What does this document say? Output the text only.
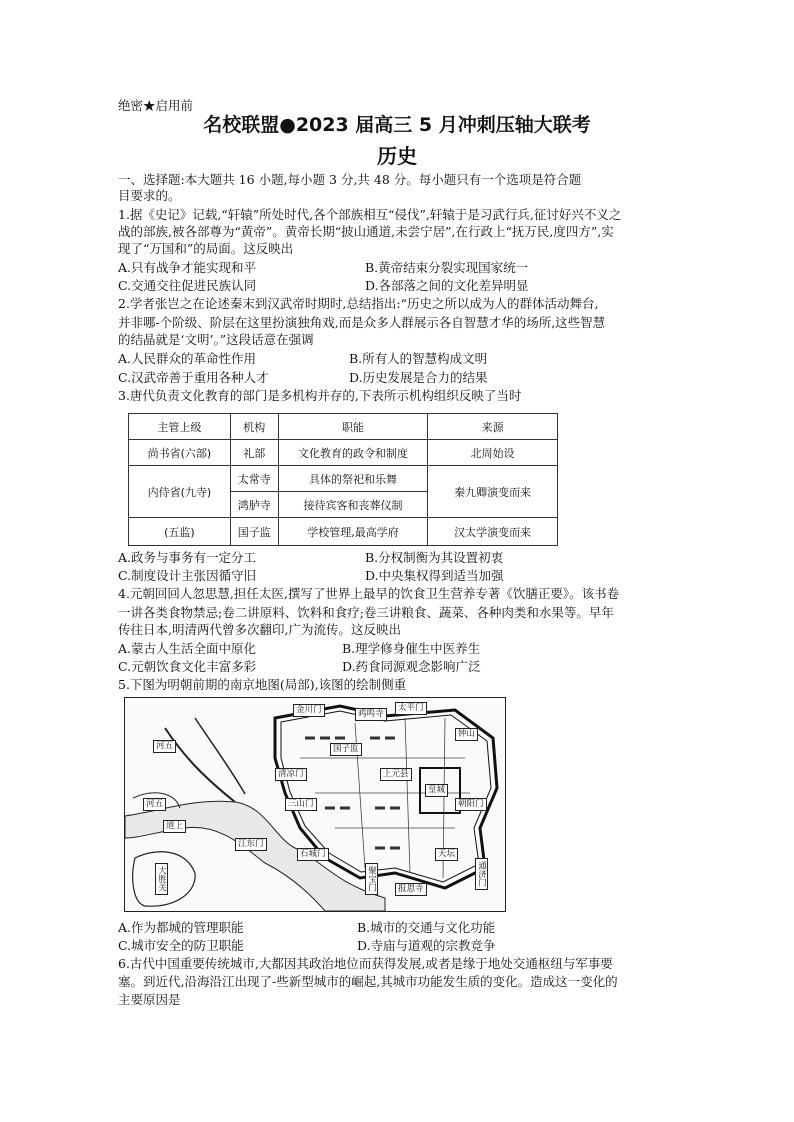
绝密★启用前
名校联盟●2023 届高三 5 月冲刺压轴大联考
历史
一、选择题:本大题共 16 小题,每小题 3 分,共 48 分。每小题只有一个选项是符合题
目要求的。
1.据《史记》记载,“轩辕”所处时代,各个部族相互“侵伐”,轩辕于是习武行兵,征讨好兴不义之
战的部族,被各部尊为“黄帝”。黄帝长期“披山通道,未尝宁居”,在行政上“抚万民,度四方”,实
现了“万国和”的局面。这反映出
A.只有战争才能实现和平	B.黄帝结束分裂实现国家统一
C.交通交往促进民族认同	D.各部落之间的文化差异明显
2.学者张岂之在论述秦末到汉武帝时期时,总结指出:“历史之所以成为人的群体活动舞台,
并非哪-个阶级、阶层在这里扮演独角戏,而是众多人群展示各自智慧才华的场所,这些智慧
的结晶就是‘文明’。”这段话意在强调
A.人民群众的革命性作用	B.所有人的智慧构成文明
C.汉武帝善于重用各种人才	D.历史发展是合力的结果
3.唐代负责文化教育的部门是多机构并存的,下表所示机构组织反映了当时
主管上级	机构	职能	来源
尚书省(六部)	礼部	文化教育的政令和制度	北周始设
内侍省(九寺)	太常寺	具体的祭祀和乐舞	秦九卿演变而来
	鸿胪寺	接待宾客和丧葬仪制	
(五监)	国子监	学校管理,最高学府	汉太学演变而来
A.政务与事务有一定分工	B.分权制衡为其设置初衷
C.制度设计主张因循守旧	D.中央集权得到适当加强
4.元朝回回人忽思慧,担任太医,撰写了世界上最早的饮食卫生营养专著《饮膳正要》。该书卷
一讲各类食物禁忌;卷二讲原料、饮料和食疗;卷三讲粮食、蔬菜、各种肉类和水果等。早年
传往日本,明清两代曾多次翻印,广为流传。这反映出
A.蒙古人生活全面中原化	B.理学修身催生中医养生
C.元朝饮食文化丰富多彩	D.药食同源观念影响广泛
5.下图为明朝前期的南京地图(局部),该图的绘制侧重
河五
河五
道上
大胜关
金川门
皇城
聚宝门
三山门
报恩寺
鸡鸣寺
钟山
朝阳门
太平门
江东门
清凉门
石城门	天坛
通济门
国子监
上元县
A.作为都城的管理职能	B.城市的交通与文化功能
C.城市安全的防卫职能	D.寺庙与道观的宗教竞争
6.古代中国重要传统城市,大都因其政治地位而获得发展,或者是缘于地处交通枢纽与军事要
塞。到近代,沿海沿江出现了-些新型城市的崛起,其城市功能发生质的变化。造成这一变化的
主要原因是
